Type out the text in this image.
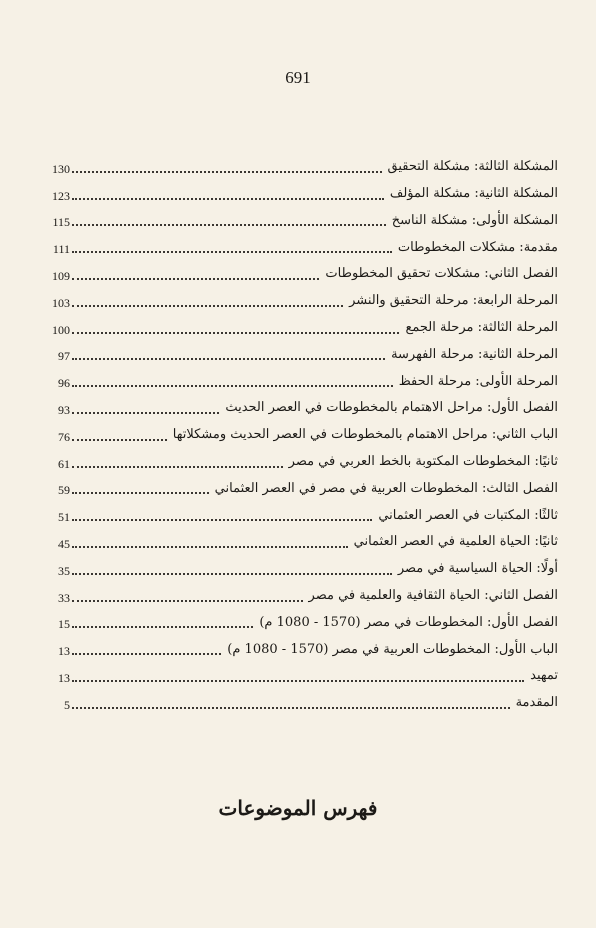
691
130	المشكلة الثالثة: مشكلة التحقيق
123	المشكلة الثانية: مشكلة المؤلف
115	المشكلة الأولى: مشكلة الناسخ
111	مقدمة: مشكلات المخطوطات
109	الفصل الثاني: مشكلات تحقيق المخطوطات
103	المرحلة الرابعة: مرحلة التحقيق والنشر
100	المرحلة الثالثة: مرحلة الجمع
97	المرحلة الثانية: مرحلة الفهرسة
96	المرحلة الأولى: مرحلة الحفظ
93	الفصل الأول: مراحل الاهتمام بالمخطوطات في العصر الحديث
76	الباب الثاني: مراحل الاهتمام بالمخطوطات في العصر الحديث ومشكلاتها
61	ثانيًا: المخطوطات المكتوبة بالخط العربي في مصر
59	الفصل الثالث: المخطوطات العربية في مصر في العصر العثماني
51	ثالثًا: المكتبات في العصر العثماني
45	ثانيًا: الحياة العلمية في العصر العثماني
35	أولًا: الحياة السياسية في مصر
33	الفصل الثاني: الحياة الثقافية والعلمية في مصر
15	الفصل الأول: المخطوطات في مصر (1570 - 1080 م)
13	الباب الأول: المخطوطات العربية في مصر (1570 - 1080 م)
13	تمهيد
5	المقدمة
فهرس الموضوعات
